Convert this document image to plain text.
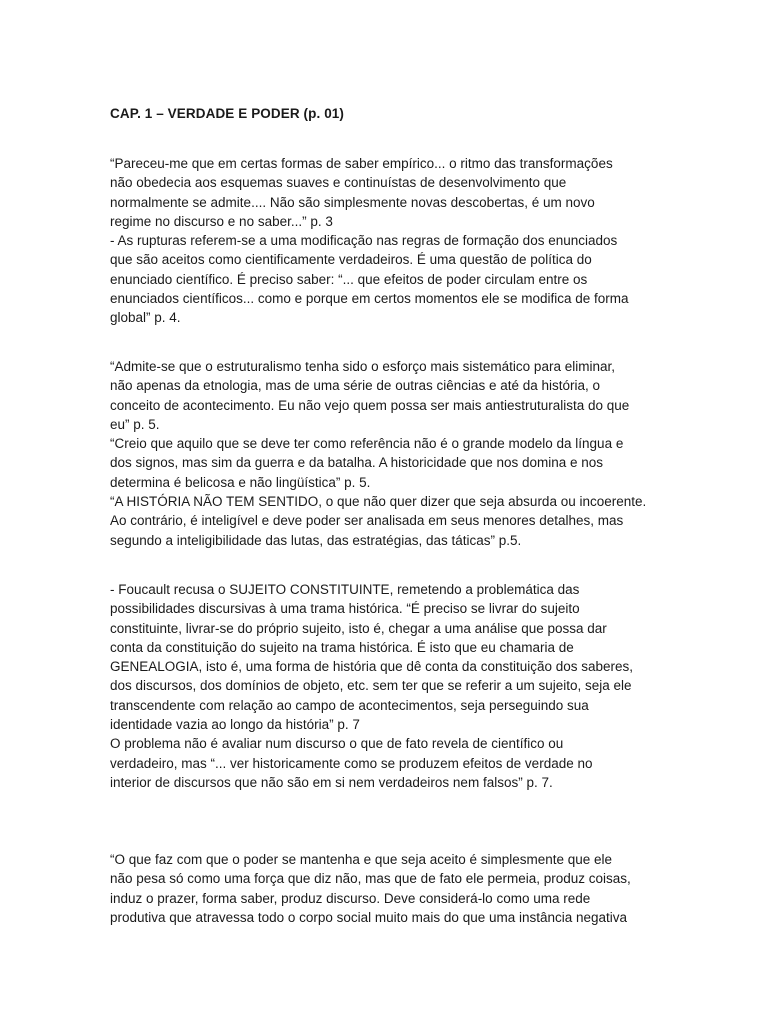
CAP. 1 – VERDADE E PODER (p. 01)
“Pareceu-me que em certas formas de saber empírico... o ritmo das transformações
não obedecia aos esquemas suaves e continuístas de desenvolvimento que
normalmente se admite.... Não são simplesmente novas descobertas, é um novo
regime no discurso e no saber...” p. 3
- As rupturas referem-se a uma modificação nas regras de formação dos enunciados
que são aceitos como cientificamente verdadeiros. É uma questão de política do
enunciado científico. É preciso saber: “... que efeitos de poder circulam entre os
enunciados científicos... como e porque em certos momentos ele se modifica de forma
global” p. 4.
“Admite-se que o estruturalismo tenha sido o esforço mais sistemático para eliminar,
não apenas da etnologia, mas de uma série de outras ciências e até da história, o
conceito de acontecimento. Eu não vejo quem possa ser mais antiestruturalista do que
eu” p. 5.
“Creio que aquilo que se deve ter como referência não é o grande modelo da língua e
dos signos, mas sim da guerra e da batalha. A historicidade que nos domina e nos
determina é belicosa e não lingüística” p. 5.
“A HISTÓRIA NÃO TEM SENTIDO, o que não quer dizer que seja absurda ou incoerente.
Ao contrário, é inteligível e deve poder ser analisada em seus menores detalhes, mas
segundo a inteligibilidade das lutas, das estratégias, das táticas” p.5.
- Foucault recusa o SUJEITO CONSTITUINTE, remetendo a problemática das
possibilidades discursivas à uma trama histórica. “É preciso se livrar do sujeito
constituinte, livrar-se do próprio sujeito, isto é, chegar a uma análise que possa dar
conta da constituição do sujeito na trama histórica. É isto que eu chamaria de
GENEALOGIA, isto é, uma forma de história que dê conta da constituição dos saberes,
dos discursos, dos domínios de objeto, etc. sem ter que se referir a um sujeito, seja ele
transcendente com relação ao campo de acontecimentos, seja perseguindo sua
identidade vazia ao longo da história” p. 7
O problema não é avaliar num discurso o que de fato revela de científico ou
verdadeiro, mas “... ver historicamente como se produzem efeitos de verdade no
interior de discursos que não são em si nem verdadeiros nem falsos” p. 7.
“O que faz com que o poder se mantenha e que seja aceito é simplesmente que ele
não pesa só como uma força que diz não, mas que de fato ele permeia, produz coisas,
induz o prazer, forma saber, produz discurso. Deve considerá-lo como uma rede
produtiva que atravessa todo o corpo social muito mais do que uma instância negativa
